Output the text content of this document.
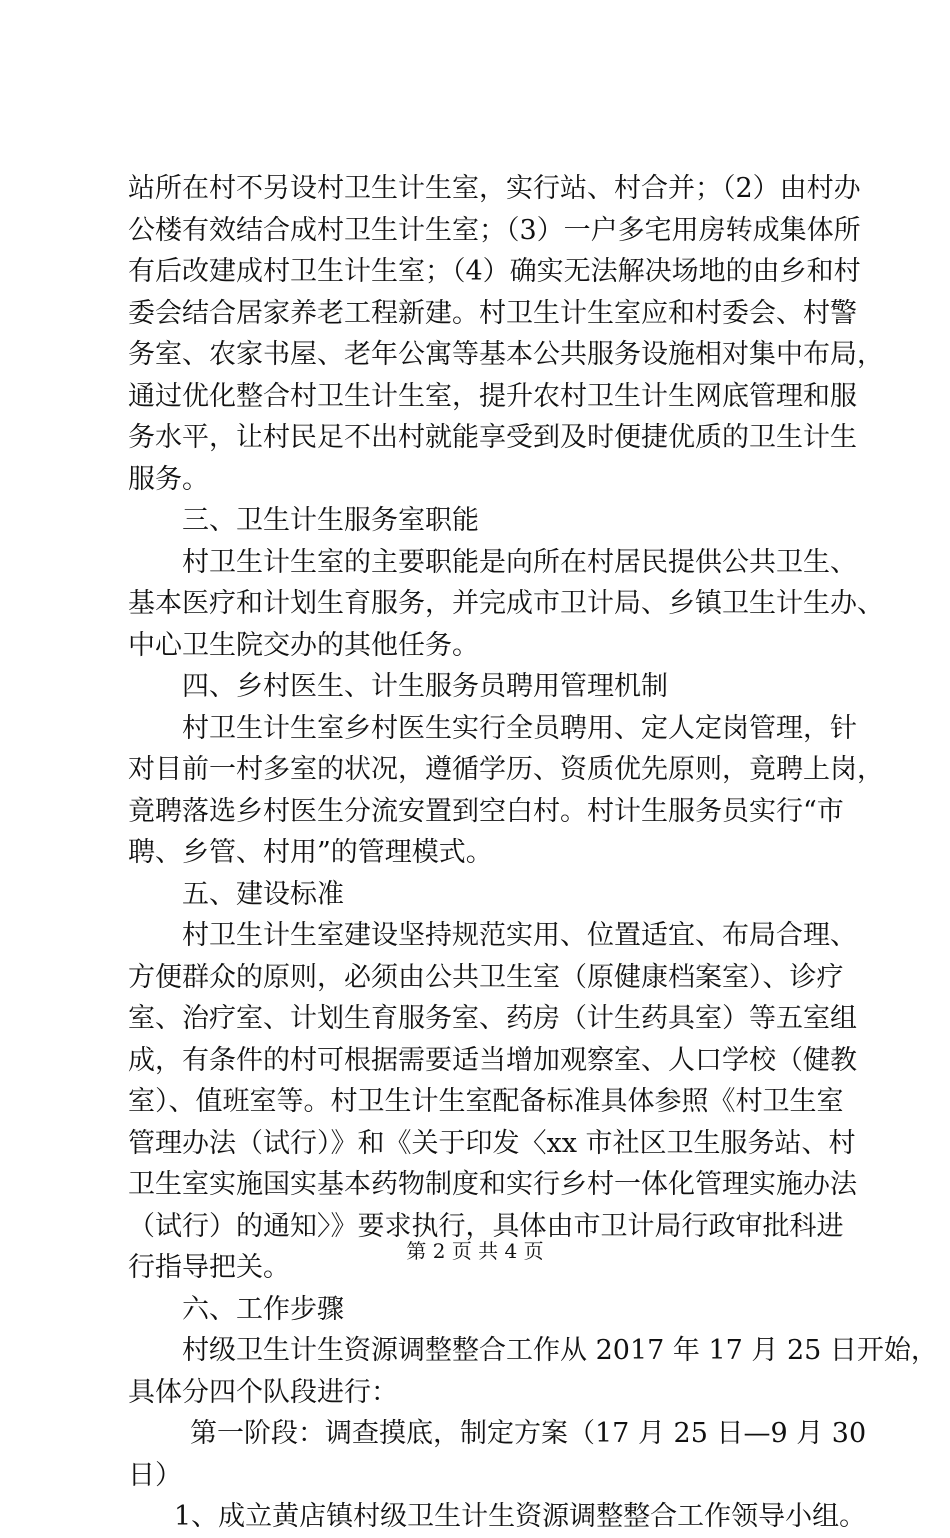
站所在村不另设村卫生计生室，实行站、村合并；（2）由村办
公楼有效结合成村卫生计生室；（3）一户多宅用房转成集体所
有后改建成村卫生计生室；（4）确实无法解决场地的由乡和村
委会结合居家养老工程新建。村卫生计生室应和村委会、村警
务室、农家书屋、老年公寓等基本公共服务设施相对集中布局，
通过优化整合村卫生计生室，提升农村卫生计生网底管理和服
务水平，让村民足不出村就能享受到及时便捷优质的卫生计生
服务。
三、卫生计生服务室职能
村卫生计生室的主要职能是向所在村居民提供公共卫生、
基本医疗和计划生育服务，并完成市卫计局、乡镇卫生计生办、
中心卫生院交办的其他任务。
四、乡村医生、计生服务员聘用管理机制
村卫生计生室乡村医生实行全员聘用、定人定岗管理，针
对目前一村多室的状况，遵循学历、资质优先原则，竟聘上岗，
竟聘落选乡村医生分流安置到空白村。村计生服务员实行“市
聘、乡管、村用”的管理模式。
五、建设标准
村卫生计生室建设坚持规范实用、位置适宜、布局合理、
方便群众的原则，必须由公共卫生室（原健康档案室）、诊疗
室、治疗室、计划生育服务室、药房（计生药具室）等五室组
成，有条件的村可根据需要适当增加观察室、人口学校（健教
室）、值班室等。村卫生计生室配备标准具体参照《村卫生室
管理办法（试行）》和《关于印发〈xx 市社区卫生服务站、村
卫生室实施国实基本药物制度和实行乡村一体化管理实施办法
（试行）的通知〉》要求执行，具体由市卫计局行政审批科进
行指导把关。
六、工作步骤
村级卫生计生资源调整整合工作从 2017 年 17 月 25 日开始，
具体分四个队段进行：
第一阶段：调查摸底，制定方案（17 月 25 日—9 月 30
日）
1、成立黄店镇村级卫生计生资源调整整合工作领导小组。
第 2 页 共 4 页
